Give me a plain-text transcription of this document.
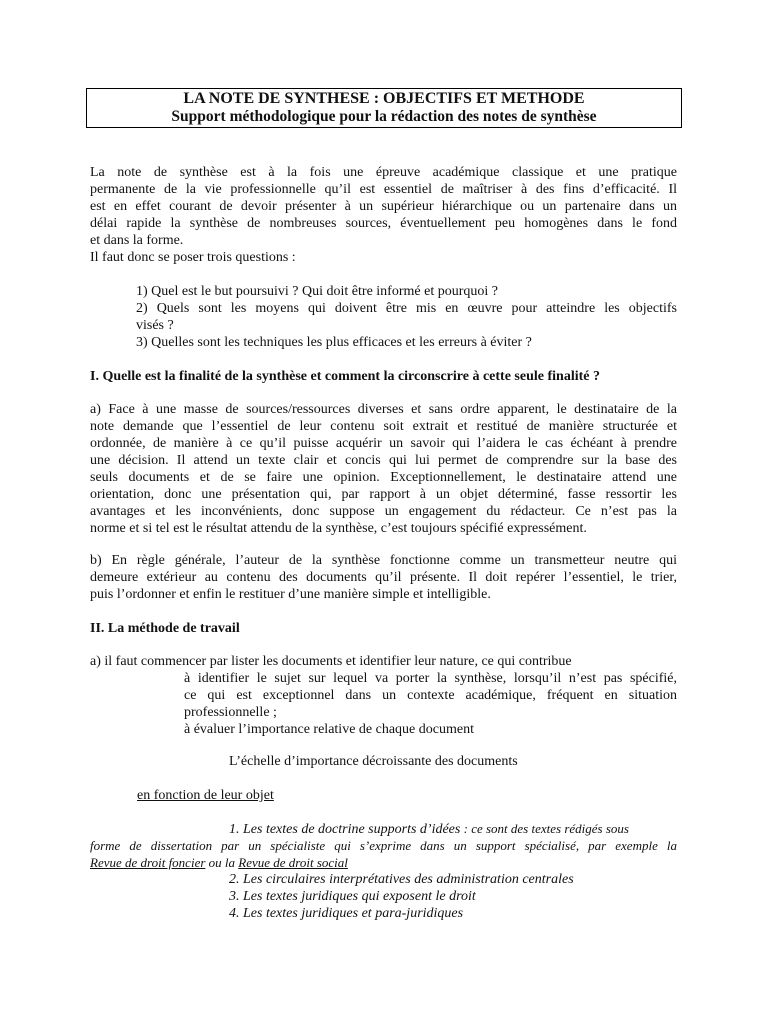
LA NOTE DE SYNTHESE : OBJECTIFS ET METHODE
Support méthodologique pour la rédaction des notes de synthèse
La note de synthèse est à la fois une épreuve académique classique et une pratique
permanente de la vie professionnelle qu’il est essentiel de maîtriser à des fins d’efficacité. Il
est en effet courant de devoir présenter à un supérieur hiérarchique ou un partenaire dans un
délai rapide la synthèse de nombreuses sources, éventuellement peu homogènes dans le fond
et dans la forme.
Il faut donc se poser trois questions :
1) Quel est le but poursuivi ? Qui doit être informé et pourquoi ?
2) Quels sont les moyens qui doivent être mis en œuvre pour atteindre les objectifs
visés ?
3) Quelles sont les techniques les plus efficaces et les erreurs à éviter ?
I. Quelle est la finalité de la synthèse et comment la circonscrire à cette seule finalité ?
a) Face à une masse de sources/ressources diverses et sans ordre apparent, le destinataire de la
note demande que l’essentiel de leur contenu soit extrait et restitué de manière structurée et
ordonnée, de manière à ce qu’il puisse acquérir un savoir qui l’aidera le cas échéant à prendre
une décision. Il attend un texte clair et concis qui lui permet de comprendre sur la base des
seuls documents et de se faire une opinion. Exceptionnellement, le destinataire attend une
orientation, donc une présentation qui, par rapport à un objet déterminé, fasse ressortir les
avantages et les inconvénients, donc suppose un engagement du rédacteur. Ce n’est pas la
norme et si tel est le résultat attendu de la synthèse, c’est toujours spécifié expressément.
b) En règle générale, l’auteur de la synthèse fonctionne comme un transmetteur neutre qui
demeure extérieur au contenu des documents qu’il présente. Il doit repérer l’essentiel, le trier,
puis l’ordonner et enfin le restituer d’une manière simple et intelligible.
II. La méthode de travail
a) il faut commencer par lister les documents et identifier leur nature, ce qui contribue
à identifier le sujet sur lequel va porter la synthèse, lorsqu’il n’est pas spécifié,
ce qui est exceptionnel dans un contexte académique, fréquent en situation
professionnelle ;
à évaluer l’importance relative de chaque document
L’échelle d’importance décroissante des documents
en fonction de leur objet
1. Les textes de doctrine supports d’idées : ce sont des textes rédigés sous
forme de dissertation par un spécialiste qui s’exprime dans un support spécialisé, par exemple la
Revue de droit foncier ou la Revue de droit social
2. Les circulaires interprétatives des administration centrales
3. Les textes juridiques qui exposent le droit
4. Les textes juridiques et para-juridiques
